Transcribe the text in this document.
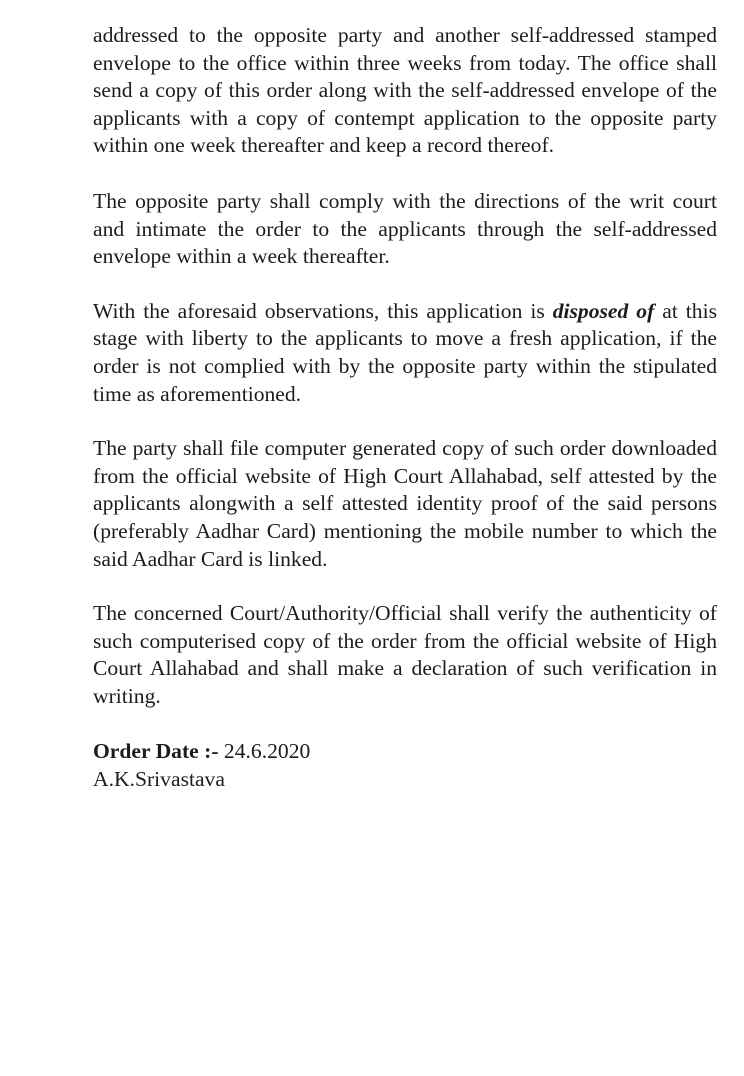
addressed to the opposite party and another self-addressed stamped envelope to the office within three weeks from today. The office shall send a copy of this order along with the self-addressed envelope of the applicants with a copy of contempt application to the opposite party within one week thereafter and keep a record thereof.

The opposite party shall comply with the directions of the writ court and intimate the order to the applicants through the self-addressed envelope within a week thereafter.

With the aforesaid observations, this application is disposed of at this stage with liberty to the applicants to move a fresh application, if the order is not complied with by the opposite party within the stipulated time as aforementioned.

The party shall file computer generated copy of such order downloaded from the official website of High Court Allahabad, self attested by the applicants alongwith a self attested identity proof of the said persons (preferably Aadhar Card) mentioning the mobile number to which the said Aadhar Card is linked.

The concerned Court/Authority/Official shall verify the authenticity of such computerised copy of the order from the official website of High Court Allahabad and shall make a declaration of such verification in writing.

Order Date :- 24.6.2020

A.K.Srivastava
